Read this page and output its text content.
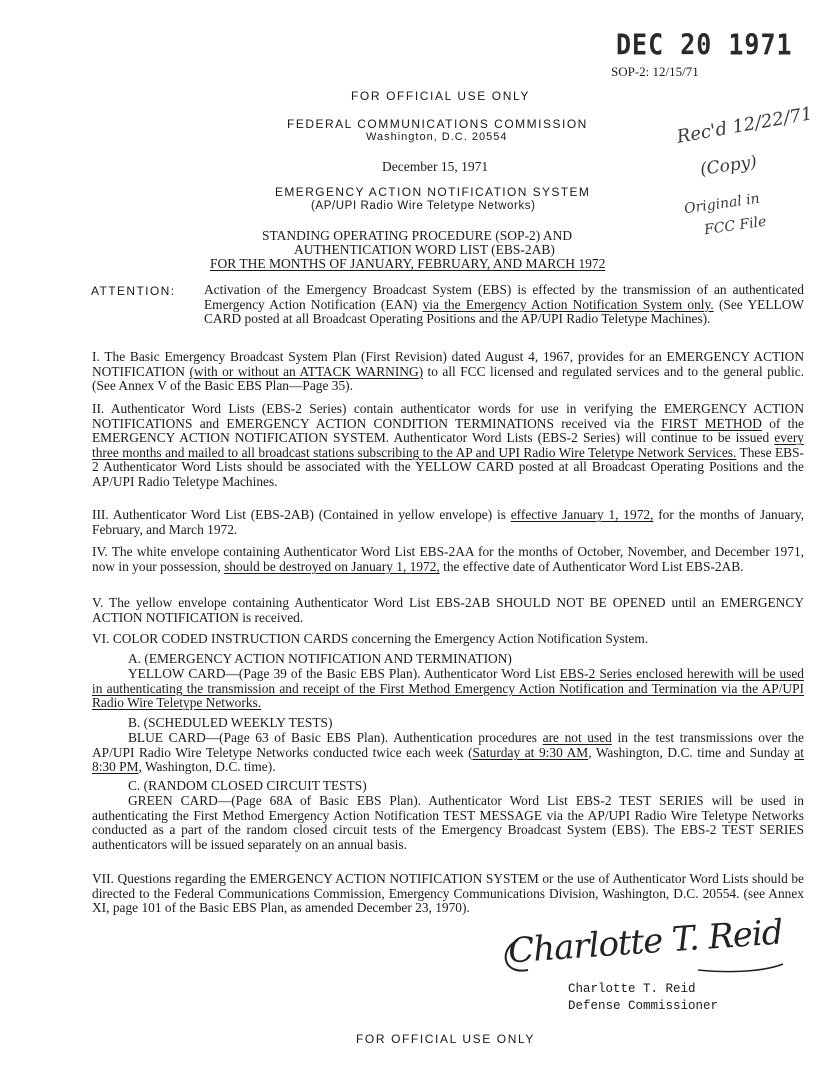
DEC 20 1971
SOP-2: 12/15/71
Rec'd 12/22/71
(Copy)
Original in
FCC File
FOR OFFICIAL USE ONLY
FEDERAL COMMUNICATIONS COMMISSION
Washington, D.C. 20554
December 15, 1971
EMERGENCY ACTION NOTIFICATION SYSTEM
(AP/UPI Radio Wire Teletype Networks)
STANDING OPERATING PROCEDURE (SOP-2) AND
AUTHENTICATION WORD LIST (EBS-2AB)
FOR THE MONTHS OF JANUARY, FEBRUARY, AND MARCH 1972
ATTENTION: Activation of the Emergency Broadcast System (EBS) is effected by the transmission of an authenticated Emergency Action Notification (EAN) via the Emergency Action Notification System only. (See YELLOW CARD posted at all Broadcast Operating Positions and the AP/UPI Radio Teletype Machines).

I. The Basic Emergency Broadcast System Plan (First Revision) dated August 4, 1967, provides for an EMERGENCY ACTION NOTIFICATION (with or without an ATTACK WARNING) to all FCC licensed and regulated services and to the general public. (See Annex V of the Basic EBS Plan—Page 35).

II. Authenticator Word Lists (EBS-2 Series) contain authenticator words for use in verifying the EMERGENCY ACTION NOTIFICATIONS and EMERGENCY ACTION CONDITION TERMINATIONS received via the FIRST METHOD of the EMERGENCY ACTION NOTIFICATION SYSTEM. Authenticator Word Lists (EBS-2 Series) will continue to be issued every three months and mailed to all broadcast stations subscribing to the AP and UPI Radio Wire Teletype Network Services. These EBS-2 Authenticator Word Lists should be associated with the YELLOW CARD posted at all Broadcast Operating Positions and the AP/UPI Radio Teletype Machines.

III. Authenticator Word List (EBS-2AB) (Contained in yellow envelope) is effective January 1, 1972, for the months of January, February, and March 1972.

IV. The white envelope containing Authenticator Word List EBS-2AA for the months of October, November, and December 1971, now in your possession, should be destroyed on January 1, 1972, the effective date of Authenticator Word List EBS-2AB.

V. The yellow envelope containing Authenticator Word List EBS-2AB SHOULD NOT BE OPENED until an EMERGENCY ACTION NOTIFICATION is received.

VI. COLOR CODED INSTRUCTION CARDS concerning the Emergency Action Notification System.
A. (EMERGENCY ACTION NOTIFICATION AND TERMINATION)

YELLOW CARD—(Page 39 of the Basic EBS Plan). Authenticator Word List EBS-2 Series enclosed herewith will be used in authenticating the transmission and receipt of the First Method Emergency Action Notification and Termination via the AP/UPI Radio Wire Teletype Networks.

B. (SCHEDULED WEEKLY TESTS)

BLUE CARD—(Page 63 of Basic EBS Plan). Authentication procedures are not used in the test transmissions over the AP/UPI Radio Wire Teletype Networks conducted twice each week (Saturday at 9:30 AM, Washington, D.C. time and Sunday at 8:30 PM, Washington, D.C. time).

C. (RANDOM CLOSED CIRCUIT TESTS)

GREEN CARD—(Page 68A of Basic EBS Plan). Authenticator Word List EBS-2 TEST SERIES will be used in authenticating the First Method Emergency Action Notification TEST MESSAGE via the AP/UPI Radio Wire Teletype Networks conducted as a part of the random closed circuit tests of the Emergency Broadcast System (EBS). The EBS-2 TEST SERIES authenticators will be issued separately on an annual basis.

VII. Questions regarding the EMERGENCY ACTION NOTIFICATION SYSTEM or the use of Authenticator Word Lists should be directed to the Federal Communications Commission, Emergency Communications Division, Washington, D.C. 20554. (see Annex XI, page 101 of the Basic EBS Plan, as amended December 23, 1970).

Charlotte T. Reid
Charlotte T. Reid
Defense Commissioner
FOR OFFICIAL USE ONLY
